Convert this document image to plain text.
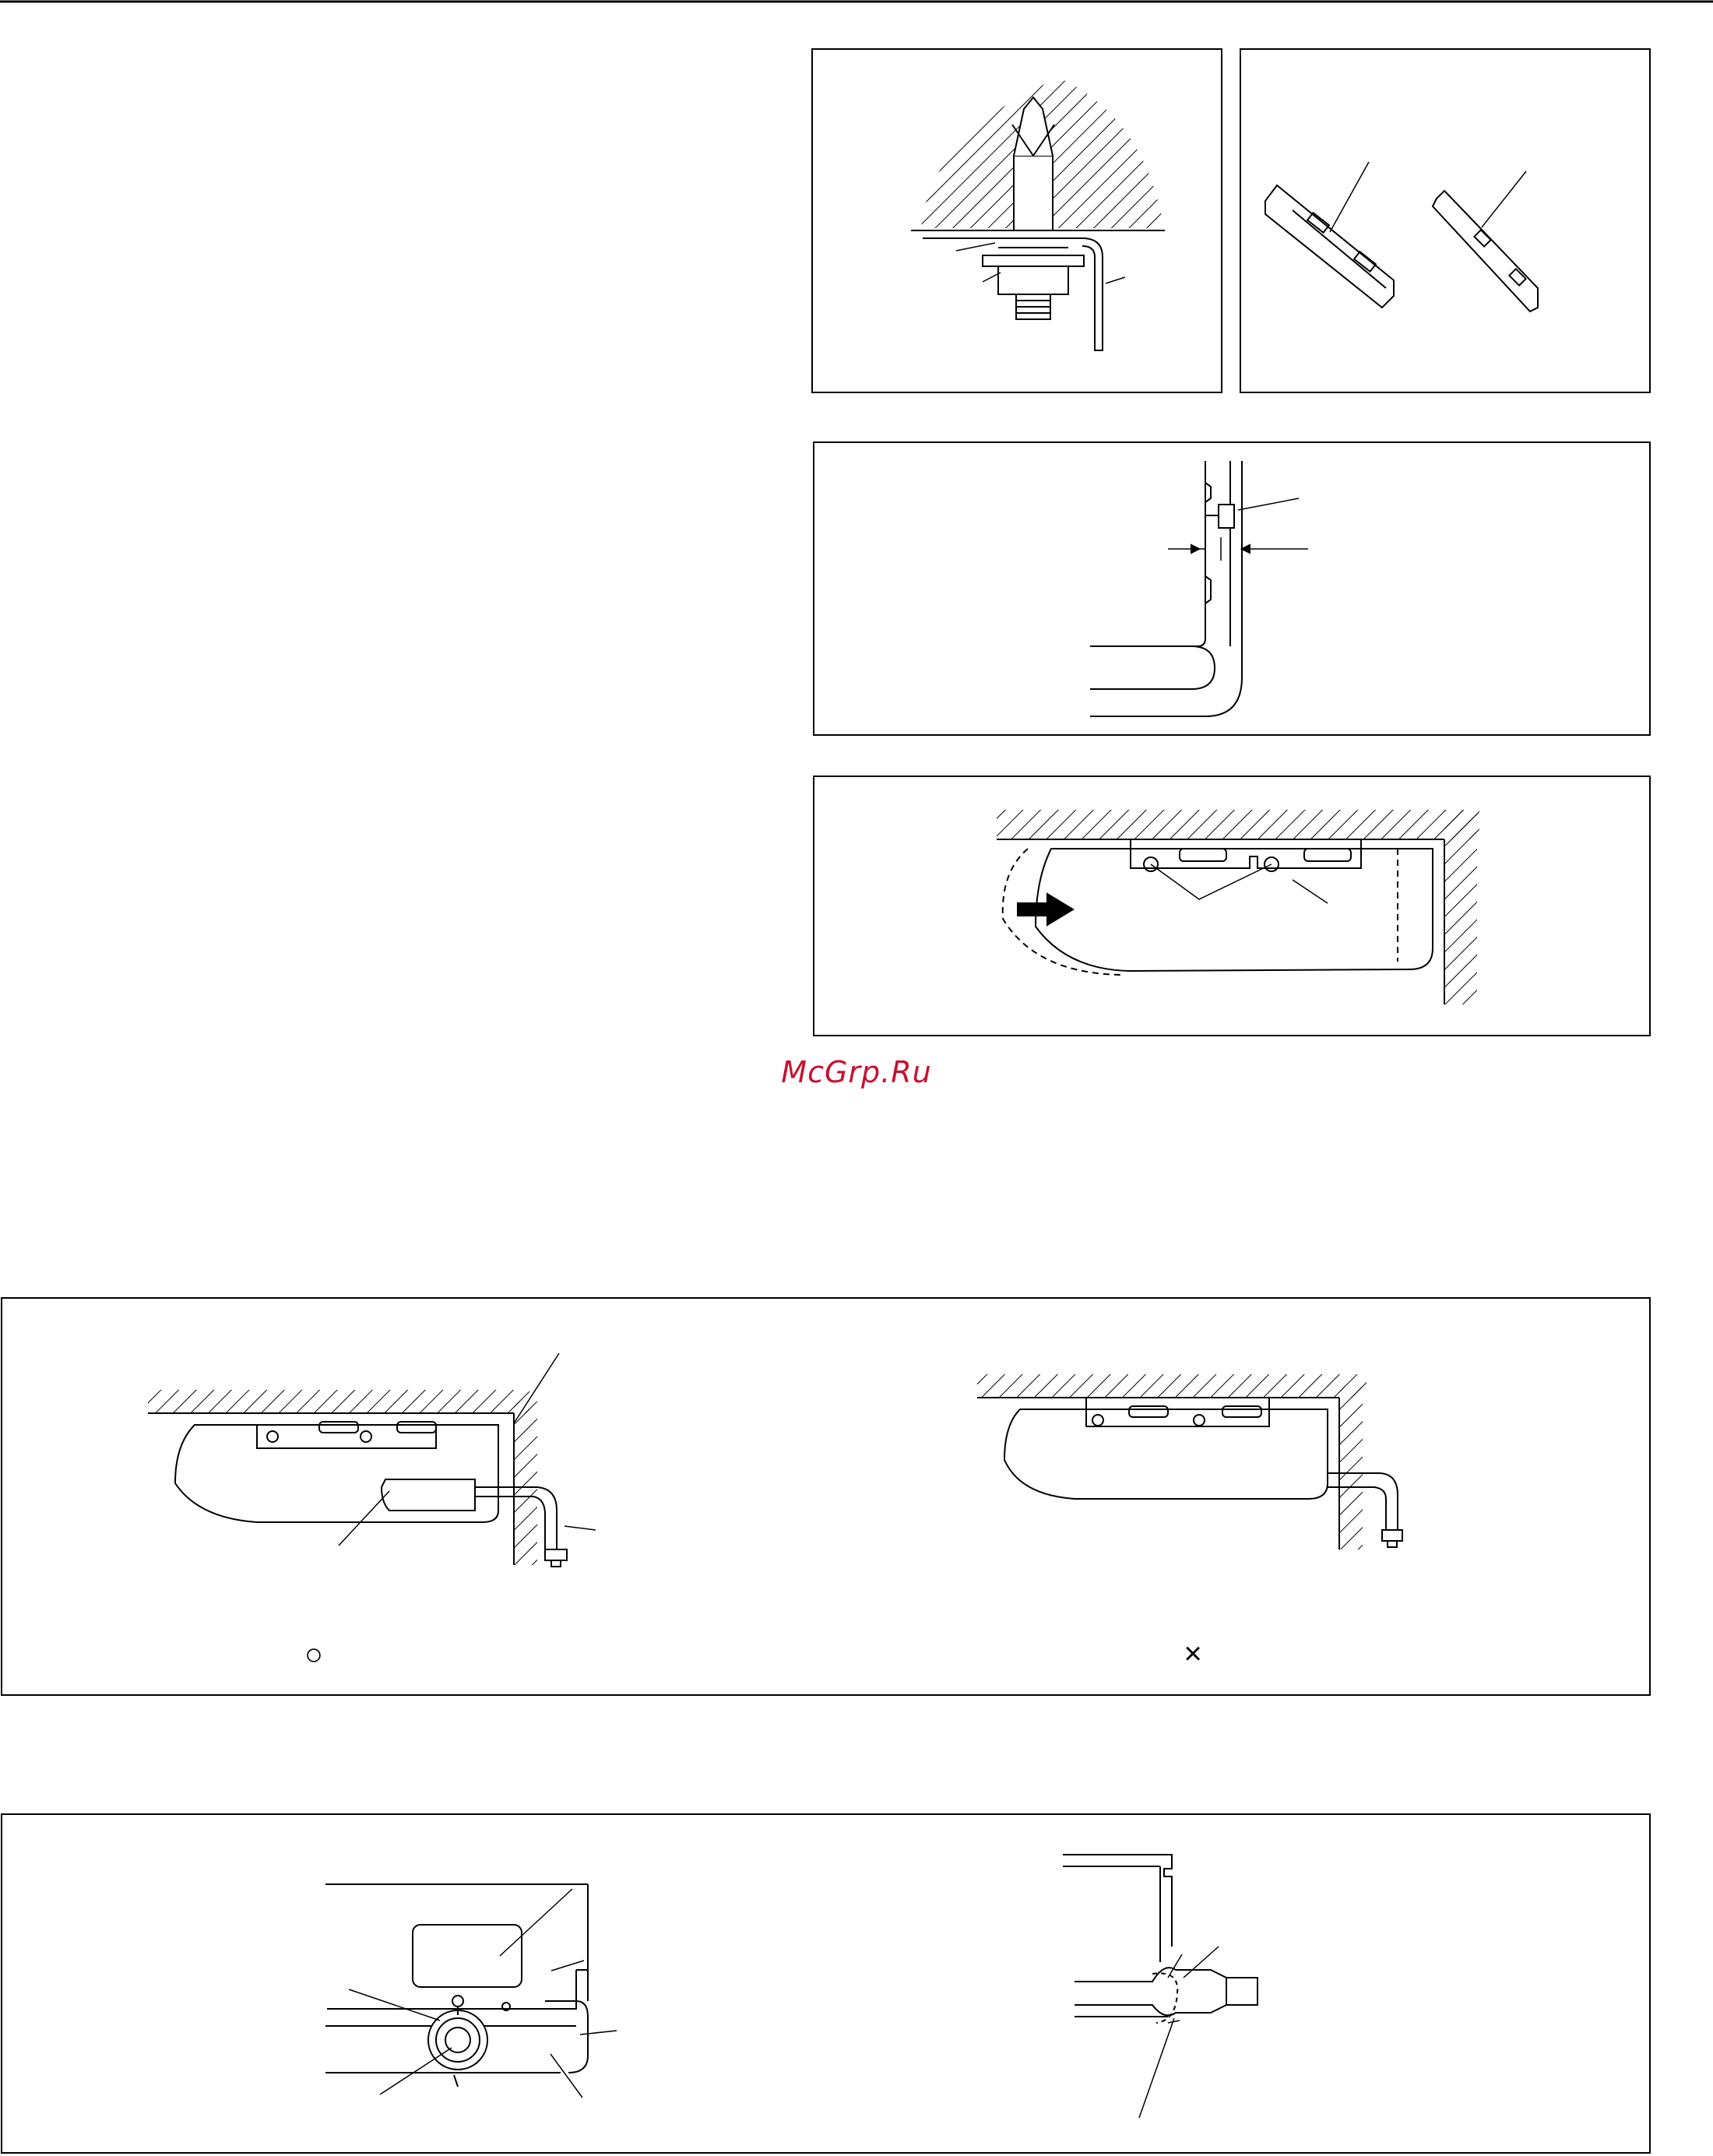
○	×
McGrp.Ru
